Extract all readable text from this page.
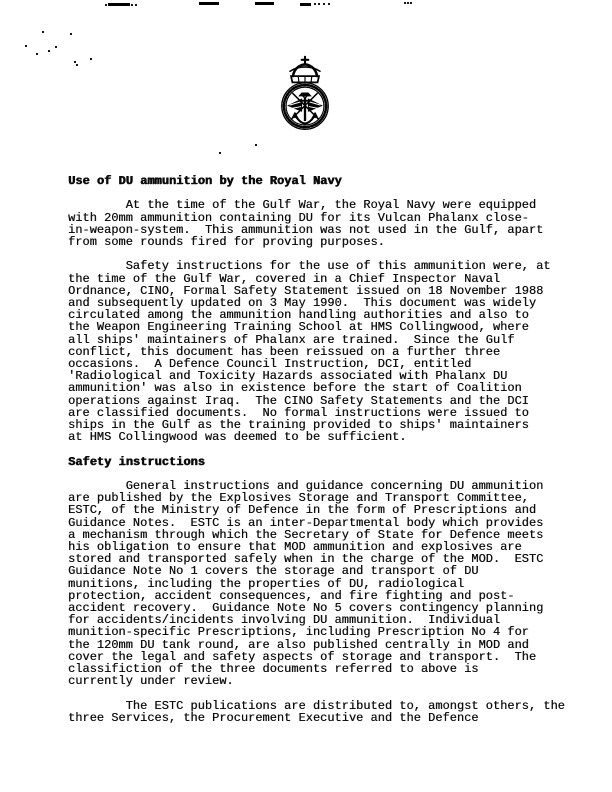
Use of DU ammunition by the Royal Navy
At the time of the Gulf War, the Royal Navy were equipped
with 20mm ammunition containing DU for its Vulcan Phalanx close-
in-weapon-system.  This ammunition was not used in the Gulf, apart
from some rounds fired for proving purposes.
Safety instructions for the use of this ammunition were, at
the time of the Gulf War, covered in a Chief Inspector Naval
Ordnance, CINO, Formal Safety Statement issued on 18 November 1988
and subsequently updated on 3 May 1990.  This document was widely
circulated among the ammunition handling authorities and also to
the Weapon Engineering Training School at HMS Collingwood, where
all ships' maintainers of Phalanx are trained.  Since the Gulf
conflict, this document has been reissued on a further three
occasions.  A Defence Council Instruction, DCI, entitled
'Radiological and Toxicity Hazards associated with Phalanx DU
ammunition' was also in existence before the start of Coalition
operations against Iraq.  The CINO Safety Statements and the DCI
are classified documents.  No formal instructions were issued to
ships in the Gulf as the training provided to ships' maintainers
at HMS Collingwood was deemed to be sufficient.
Safety instructions
General instructions and guidance concerning DU ammunition
are published by the Explosives Storage and Transport Committee,
ESTC, of the Ministry of Defence in the form of Prescriptions and
Guidance Notes.  ESTC is an inter-Departmental body which provides
a mechanism through which the Secretary of State for Defence meets
his obligation to ensure that MOD ammunition and explosives are
stored and transported safely when in the charge of the MOD.  ESTC
Guidance Note No 1 covers the storage and transport of DU
munitions, including the properties of DU, radiological
protection, accident consequences, and fire fighting and post-
accident recovery.  Guidance Note No 5 covers contingency planning
for accidents/incidents involving DU ammunition.  Individual
munition-specific Prescriptions, including Prescription No 4 for
the 120mm DU tank round, are also published centrally in MOD and
cover the legal and safety aspects of storage and transport.  The
classifiction of the three documents referred to above is
currently under review.
The ESTC publications are distributed to, amongst others, the
three Services, the Procurement Executive and the Defence
